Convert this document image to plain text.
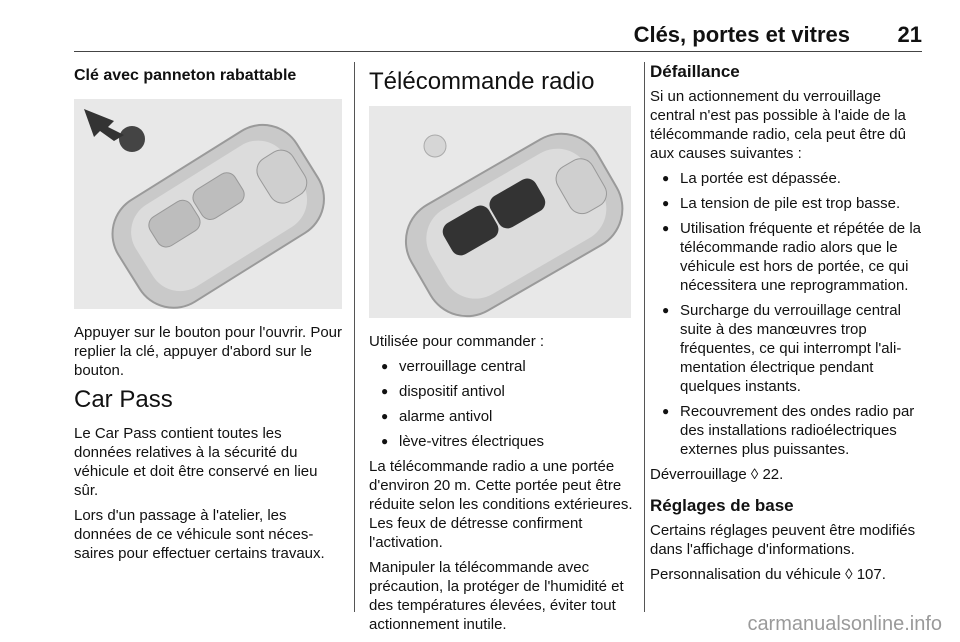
Clés, portes et vitres 21
Clé avec panneton rabattable

Appuyer sur le bouton pour l'ouvrir. Pour replier la clé, appuyer d'abord sur le bouton.

Car Pass

Le Car Pass contient toutes les données relatives à la sécurité du véhicule et doit être conservé en lieu sûr.

Lors d'un passage à l'atelier, les données de ce véhicule sont nécessaires pour effectuer certains travaux.

Télécommande radio

Utilisée pour commander :

● verrouillage central
● dispositif antivol
● alarme antivol
● lève-vitres électriques

La télécommande radio a une portée d'environ 20 m. Cette portée peut être réduite selon les conditions extérieures. Les feux de détresse confirment l'activation.

Manipuler la télécommande avec précaution, la protéger de l'humidité et des températures élevées, éviter tout actionnement inutile.

Défaillance

Si un actionnement du verrouillage central n'est pas possible à l'aide de la télécommande radio, cela peut être dû aux causes suivantes :

● La portée est dépassée.
● La tension de pile est trop basse.
● Utilisation fréquente et répétée de la télécommande radio alors que le véhicule est hors de portée, ce qui nécessitera une reprogrammation.
● Surcharge du verrouillage central suite à des manœuvres trop fréquentes, ce qui interrompt l'alimentation électrique pendant quelques instants.
● Recouvrement des ondes radio par des installations radioélectriques externes plus puissantes.

Déverrouillage ◊ 22.

Réglages de base

Certains réglages peuvent être modifiés dans l'affichage d'informations.

Personnalisation du véhicule ◊ 107.

carmanualsonline.info
